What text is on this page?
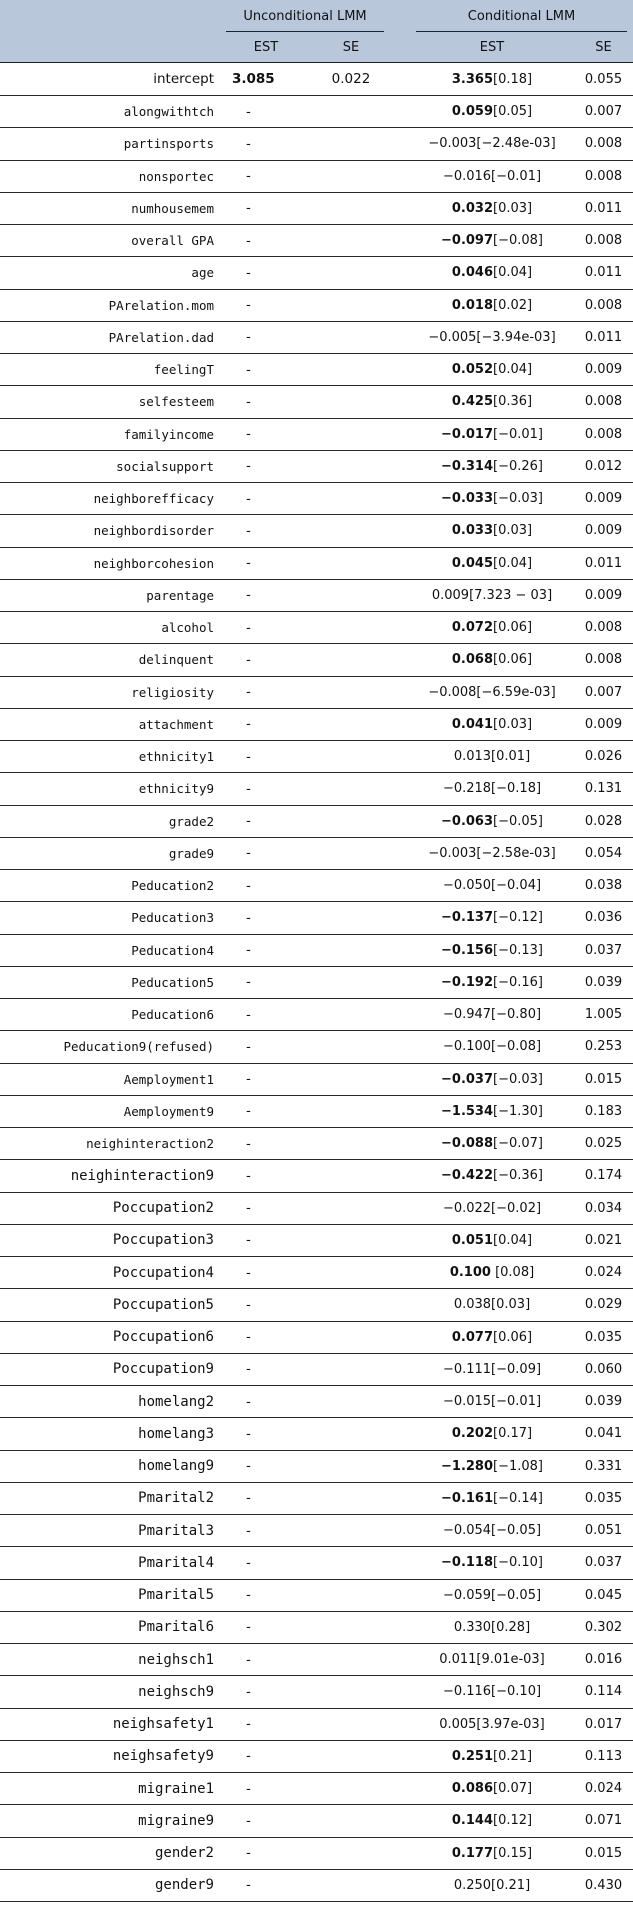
	Unconditional LMM			Conditional LMM	

	EST	SE		EST	SE
intercept	3.085	0.022		3.365[0.18]	0.055
alongwithtch	-			0.059[0.05]	0.007
partinsports	-			−0.003[−2.48e-03]	0.008
nonsportec	-			−0.016[−0.01]	0.008
numhousemem	-			0.032[0.03]	0.011
overall GPA	-			−0.097[−0.08]	0.008
age	-			0.046[0.04]	0.011
PArelation.mom	-			0.018[0.02]	0.008
PArelation.dad	-			−0.005[−3.94e-03]	0.011
feelingT	-			0.052[0.04]	0.009
selfesteem	-			0.425[0.36]	0.008
familyincome	-			−0.017[−0.01]	0.008
socialsupport	-			−0.314[−0.26]	0.012
neighborefficacy	-			−0.033[−0.03]	0.009
neighbordisorder	-			0.033[0.03]	0.009
neighborcohesion	-			0.045[0.04]	0.011
parentage	-			0.009[7.323 − 03]	0.009
alcohol	-			0.072[0.06]	0.008
delinquent	-			0.068[0.06]	0.008
religiosity	-			−0.008[−6.59e-03]	0.007
attachment	-			0.041[0.03]	0.009
ethnicity1	-			0.013[0.01]	0.026
ethnicity9	-			−0.218[−0.18]	0.131
grade2	-			−0.063[−0.05]	0.028
grade9	-			−0.003[−2.58e-03]	0.054
Peducation2	-			−0.050[−0.04]	0.038
Peducation3	-			−0.137[−0.12]	0.036
Peducation4	-			−0.156[−0.13]	0.037
Peducation5	-			−0.192[−0.16]	0.039
Peducation6	-			−0.947[−0.80]	1.005
Peducation9(refused)	-			−0.100[−0.08]	0.253
Aemployment1	-			−0.037[−0.03]	0.015
Aemployment9	-			−1.534[−1.30]	0.183
neighinteraction2	-			−0.088[−0.07]	0.025
neighinteraction9	-			−0.422[−0.36]	0.174
Poccupation2	-			−0.022[−0.02]	0.034
Poccupation3	-			0.051[0.04]	0.021
Poccupation4	-			0.100 [0.08]	0.024
Poccupation5	-			0.038[0.03]	0.029
Poccupation6	-			0.077[0.06]	0.035
Poccupation9	-			−0.111[−0.09]	0.060
homelang2	-			−0.015[−0.01]	0.039
homelang3	-			0.202[0.17]	0.041
homelang9	-			−1.280[−1.08]	0.331
Pmarital2	-			−0.161[−0.14]	0.035
Pmarital3	-			−0.054[−0.05]	0.051
Pmarital4	-			−0.118[−0.10]	0.037
Pmarital5	-			−0.059[−0.05]	0.045
Pmarital6	-			0.330[0.28]	0.302
neighsch1	-			0.011[9.01e-03]	0.016
neighsch9	-			−0.116[−0.10]	0.114
neighsafety1	-			0.005[3.97e-03]	0.017
neighsafety9	-			0.251[0.21]	0.113
migraine1	-			0.086[0.07]	0.024
migraine9	-			0.144[0.12]	0.071
gender2	-			0.177[0.15]	0.015
gender9	-			0.250[0.21]	0.430
